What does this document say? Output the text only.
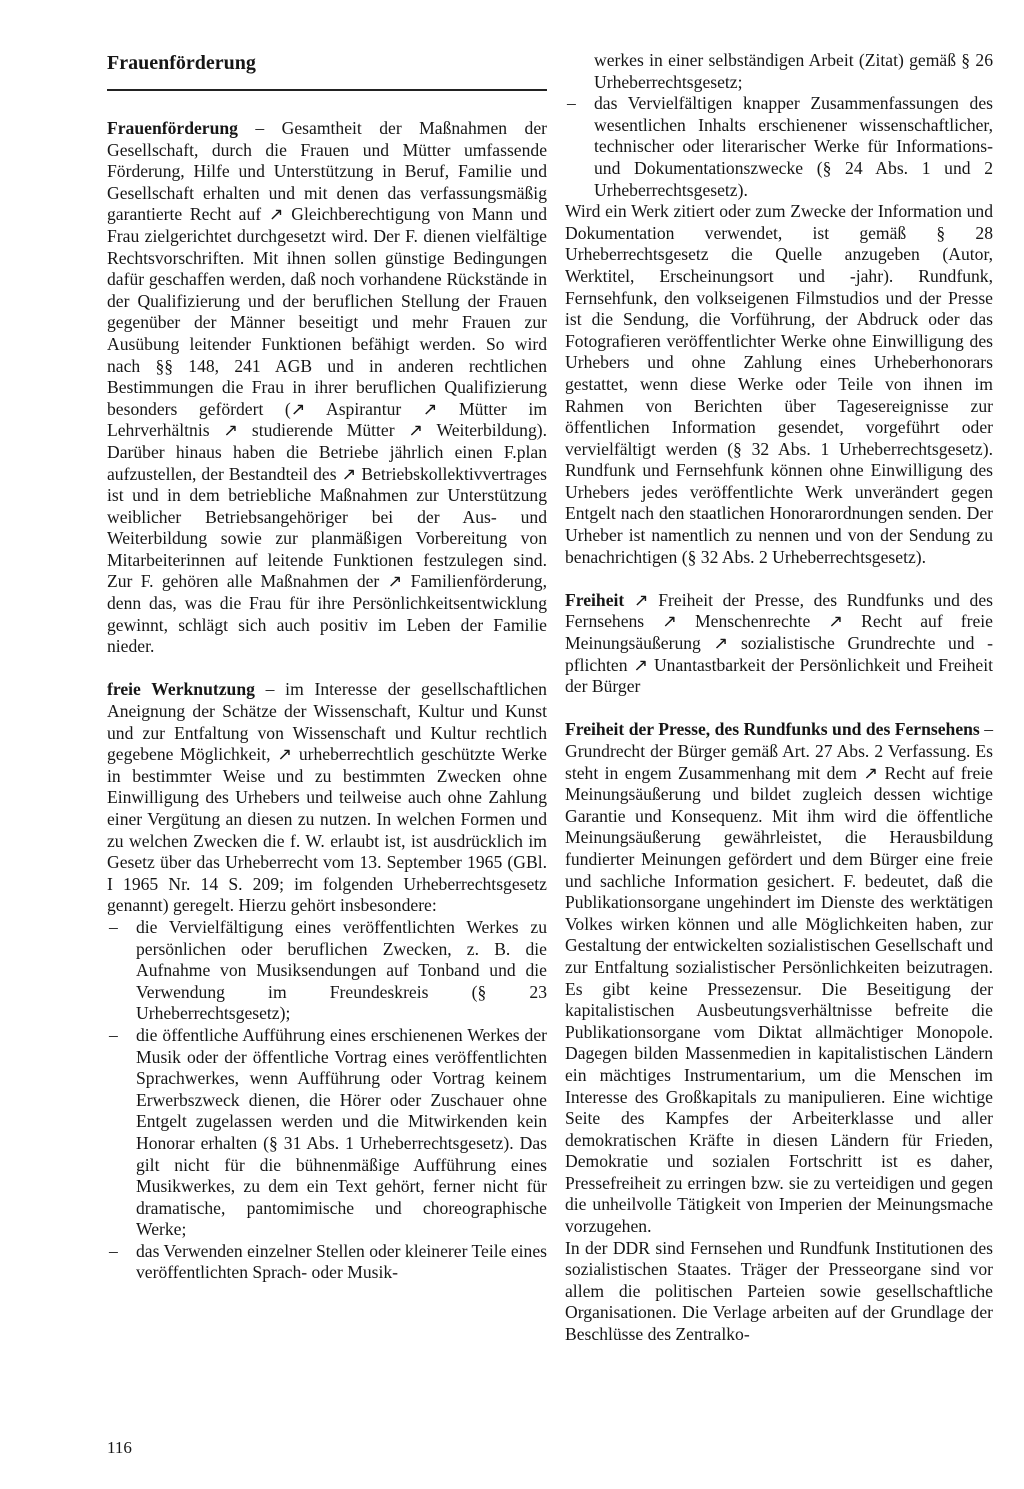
Frauenförderung

Frauenförderung – Gesamtheit der Maßnahmen der Gesellschaft, durch die Frauen und Mütter umfassende Förderung, Hilfe und Unterstützung in Beruf, Familie und Gesellschaft erhalten und mit denen das verfassungsmäßig garantierte Recht auf ↗ Gleichberechtigung von Mann und Frau zielgerichtet durchgesetzt wird. Der F. dienen vielfältige Rechtsvorschriften. Mit ihnen sollen günstige Bedingungen dafür geschaffen werden, daß noch vorhandene Rückstände in der Qualifizierung und der beruflichen Stellung der Frauen gegenüber der Männer beseitigt und mehr Frauen zur Ausübung leitender Funktionen befähigt werden. So wird nach §§ 148, 241 AGB und in anderen rechtlichen Bestimmungen die Frau in ihrer beruflichen Qualifizierung besonders gefördert (↗ Aspirantur ↗ Mütter im Lehrverhältnis ↗ studierende Mütter ↗ Weiterbildung). Darüber hinaus haben die Betriebe jährlich einen F.plan aufzustellen, der Bestandteil des ↗ Betriebskollektivvertrages ist und in dem betriebliche Maßnahmen zur Unterstützung weiblicher Betriebsangehöriger bei der Aus- und Weiterbildung sowie zur planmäßigen Vorbereitung von Mitarbeiterinnen auf leitende Funktionen festzulegen sind. Zur F. gehören alle Maßnahmen der ↗ Familienförderung, denn das, was die Frau für ihre Persönlichkeitsentwicklung gewinnt, schlägt sich auch positiv im Leben der Familie nieder.

freie Werknutzung – im Interesse der gesellschaftlichen Aneignung der Schätze der Wissenschaft, Kultur und Kunst und zur Entfaltung von Wissenschaft und Kultur rechtlich gegebene Möglichkeit, ↗ urheberrechtlich geschützte Werke in bestimmter Weise und zu bestimmten Zwecken ohne Einwilligung des Urhebers und teilweise auch ohne Zahlung einer Vergütung an diesen zu nutzen. In welchen Formen und zu welchen Zwecken die f. W. erlaubt ist, ist ausdrücklich im Gesetz über das Urheberrecht vom 13. September 1965 (GBl. I 1965 Nr. 14 S. 209; im folgenden Urheberrechtsgesetz genannt) geregelt. Hierzu gehört insbesondere:

– die Vervielfältigung eines veröffentlichten Werkes zu persönlichen oder beruflichen Zwecken, z. B. die Aufnahme von Musiksendungen auf Tonband und die Verwendung im Freundeskreis (§ 23 Urheberrechtsgesetz);
– die öffentliche Aufführung eines erschienenen Werkes der Musik oder der öffentliche Vortrag eines veröffentlichten Sprachwerkes, wenn Aufführung oder Vortrag keinem Erwerbszweck dienen, die Hörer oder Zuschauer ohne Entgelt zugelassen werden und die Mitwirkenden kein Honorar erhalten (§ 31 Abs. 1 Urheberrechtsgesetz). Das gilt nicht für die bühnenmäßige Aufführung eines Musikwerkes, zu dem ein Text gehört, ferner nicht für dramatische, pantomimische und choreographische Werke;
– das Verwenden einzelner Stellen oder kleinerer Teile eines veröffentlichten Sprach- oder Musik-

werkes in einer selbständigen Arbeit (Zitat) gemäß § 26 Urheberrechtsgesetz;

– das Vervielfältigen knapper Zusammenfassungen des wesentlichen Inhalts erschienener wissenschaftlicher, technischer oder literarischer Werke für Informations- und Dokumentationszwecke (§ 24 Abs. 1 und 2 Urheberrechtsgesetz).

Wird ein Werk zitiert oder zum Zwecke der Information und Dokumentation verwendet, ist gemäß § 28 Urheberrechtsgesetz die Quelle anzugeben (Autor, Werktitel, Erscheinungsort und -jahr). Rundfunk, Fernsehfunk, den volkseigenen Filmstudios und der Presse ist die Sendung, die Vorführung, der Abdruck oder das Fotografieren veröffentlichter Werke ohne Einwilligung des Urhebers und ohne Zahlung eines Urheberhonorars gestattet, wenn diese Werke oder Teile von ihnen im Rahmen von Berichten über Tagesereignisse zur öffentlichen Information gesendet, vorgeführt oder vervielfältigt werden (§ 32 Abs. 1 Urheberrechtsgesetz). Rundfunk und Fernsehfunk können ohne Einwilligung des Urhebers jedes veröffentlichte Werk unverändert gegen Entgelt nach den staatlichen Honorarordnungen senden. Der Urheber ist namentlich zu nennen und von der Sendung zu benachrichtigen (§ 32 Abs. 2 Urheberrechtsgesetz).

Freiheit ↗ Freiheit der Presse, des Rundfunks und des Fernsehens ↗ Menschenrechte ↗ Recht auf freie Meinungsäußerung ↗ sozialistische Grundrechte und -pflichten ↗ Unantastbarkeit der Persönlichkeit und Freiheit der Bürger

Freiheit der Presse, des Rundfunks und des Fernsehens – Grundrecht der Bürger gemäß Art. 27 Abs. 2 Verfassung. Es steht in engem Zusammenhang mit dem ↗ Recht auf freie Meinungsäußerung und bildet zugleich dessen wichtige Garantie und Konsequenz. Mit ihm wird die öffentliche Meinungsäußerung gewährleistet, die Herausbildung fundierter Meinungen gefördert und dem Bürger eine freie und sachliche Information gesichert. F. bedeutet, daß die Publikationsorgane ungehindert im Dienste des werktätigen Volkes wirken können und alle Möglichkeiten haben, zur Gestaltung der entwickelten sozialistischen Gesellschaft und zur Entfaltung sozialistischer Persönlichkeiten beizutragen. Es gibt keine Pressezensur. Die Beseitigung der kapitalistischen Ausbeutungsverhältnisse befreite die Publikationsorgane vom Diktat allmächtiger Monopole. Dagegen bilden Massenmedien in kapitalistischen Ländern ein mächtiges Instrumentarium, um die Menschen im Interesse des Großkapitals zu manipulieren. Eine wichtige Seite des Kampfes der Arbeiterklasse und aller demokratischen Kräfte in diesen Ländern für Frieden, Demokratie und sozialen Fortschritt ist es daher, Pressefreiheit zu erringen bzw. sie zu verteidigen und gegen die unheilvolle Tätigkeit von Imperien der Meinungsmache vorzugehen.

In der DDR sind Fernsehen und Rundfunk Institutionen des sozialistischen Staates. Träger der Presseorgane sind vor allem die politischen Parteien sowie gesellschaftliche Organisationen. Die Verlage arbeiten auf der Grundlage der Beschlüsse des Zentralko-

116
